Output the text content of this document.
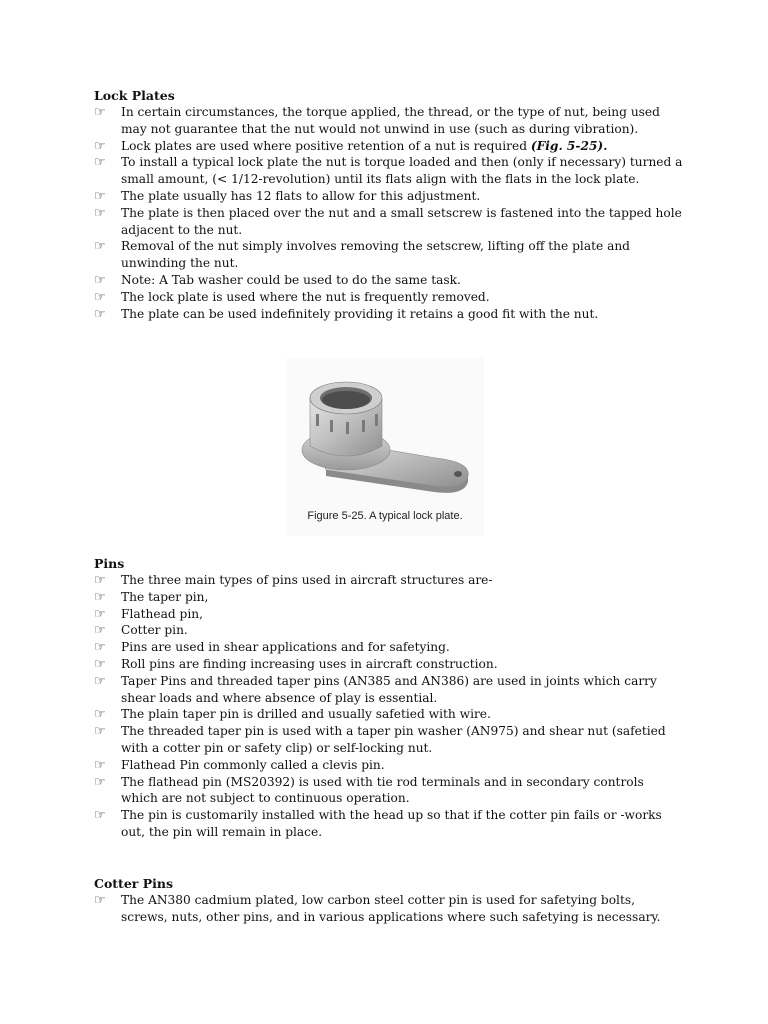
Lock Plates
☞	In certain circumstances, the torque applied, the thread, or the type of nut, being used may not guarantee that the nut would not unwind in use (such as during vibration).
☞	Lock plates are used where positive retention of a nut is required (Fig. 5-25).
☞	To install a typical lock plate the nut is torque loaded and then (only if necessary) turned a small amount, (< 1/12-revolution) until its flats align with the flats in the lock plate.
☞	The plate usually has 12 flats to allow for this adjustment.
☞	The plate is then placed over the nut and a small setscrew is fastened into the tapped hole adjacent to the nut.
☞	Removal of the nut simply involves removing the setscrew, lifting off the plate and unwinding the nut.
☞	Note: A Tab washer could be used to do the same task.
☞	The lock plate is used where the nut is frequently removed.
☞	The plate can be used indefinitely providing it retains a good fit with the nut.
Figure 5-25. A typical lock plate.
Pins
☞	The three main types of pins used in aircraft structures are-
☞	The taper pin,
☞	Flathead pin,
☞	Cotter pin.
☞	Pins are used in shear applications and for safetying.
☞	Roll pins are finding increasing uses in aircraft construction.
☞	Taper Pins and threaded taper pins (AN385 and AN386) are used in joints which carry shear loads and where absence of play is essential.
☞	The plain taper pin is drilled and usually safetied with wire.
☞	The threaded taper pin is used with a taper pin washer (AN975) and shear nut (safetied with a cotter pin or safety clip) or self-locking nut.
☞	Flathead Pin commonly called a clevis pin.
☞	The flathead pin (MS20392) is used with tie rod terminals and in secondary controls which are not subject to continuous operation.
☞	The pin is customarily installed with the head up so that if the cotter pin fails or -works out, the pin will remain in place.
Cotter Pins
☞	The AN380 cadmium plated, low carbon steel cotter pin is used for safetying bolts, screws, nuts, other pins, and in various applications where such safetying is necessary.
